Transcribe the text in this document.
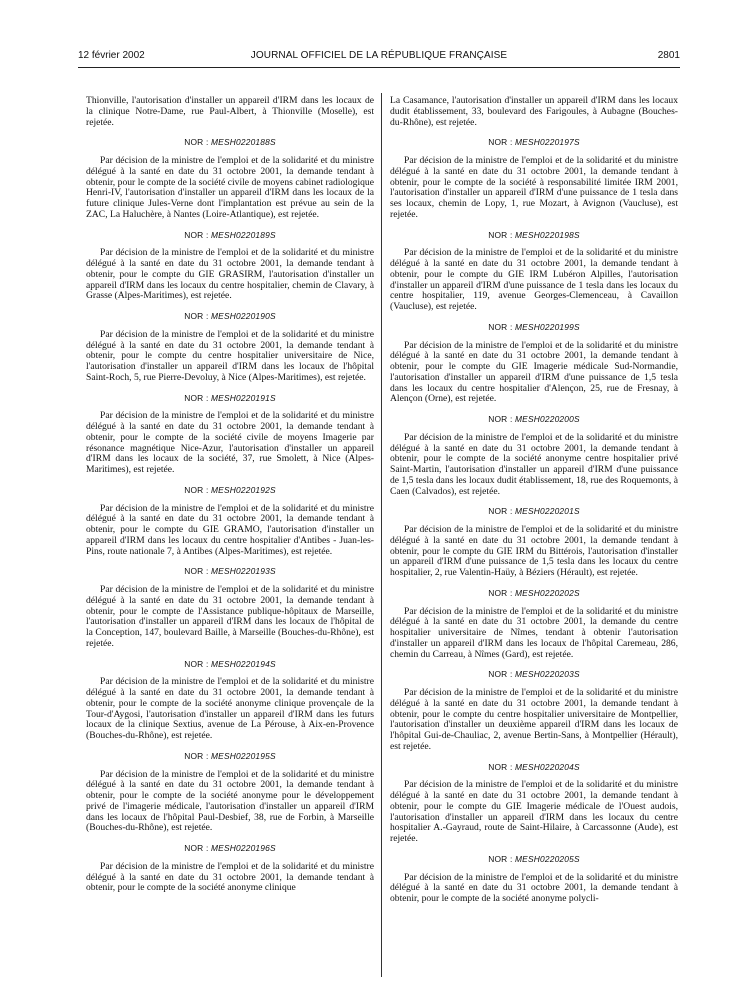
12 février 2002	JOURNAL OFFICIEL DE LA RÉPUBLIQUE FRANÇAISE	2801

Thionville, l'autorisation d'installer un appareil d'IRM dans les locaux de la clinique Notre-Dame, rue Paul-Albert, à Thionville (Moselle), est rejetée.

NOR : MESH0220188S

Par décision de la ministre de l'emploi et de la solidarité et du ministre délégué à la santé en date du 31 octobre 2001, la demande tendant à obtenir, pour le compte de la société civile de moyens cabinet radiologique Henri-IV, l'autorisation d'installer un appareil d'IRM dans les locaux de la future clinique Jules-Verne dont l'implantation est prévue au sein de la ZAC, La Haluchère, à Nantes (Loire-Atlantique), est rejetée.

NOR : MESH0220189S

Par décision de la ministre de l'emploi et de la solidarité et du ministre délégué à la santé en date du 31 octobre 2001, la demande tendant à obtenir, pour le compte du GIE GRASIRM, l'autorisation d'installer un appareil d'IRM dans les locaux du centre hospitalier, chemin de Clavary, à Grasse (Alpes-Maritimes), est rejetée.

NOR : MESH0220190S

Par décision de la ministre de l'emploi et de la solidarité et du ministre délégué à la santé en date du 31 octobre 2001, la demande tendant à obtenir, pour le compte du centre hospitalier universitaire de Nice, l'autorisation d'installer un appareil d'IRM dans les locaux de l'hôpital Saint-Roch, 5, rue Pierre-Devoluy, à Nice (Alpes-Maritimes), est rejetée.

NOR : MESH0220191S

Par décision de la ministre de l'emploi et de la solidarité et du ministre délégué à la santé en date du 31 octobre 2001, la demande tendant à obtenir, pour le compte de la société civile de moyens Imagerie par résonance magnétique Nice-Azur, l'autorisation d'installer un appareil d'IRM dans les locaux de la société, 37, rue Smolett, à Nice (Alpes-Maritimes), est rejetée.

NOR : MESH0220192S

Par décision de la ministre de l'emploi et de la solidarité et du ministre délégué à la santé en date du 31 octobre 2001, la demande tendant à obtenir, pour le compte du GIE GRAMO, l'autorisation d'installer un appareil d'IRM dans les locaux du centre hospitalier d'Antibes - Juan-les-Pins, route nationale 7, à Antibes (Alpes-Maritimes), est rejetée.

NOR : MESH0220193S

Par décision de la ministre de l'emploi et de la solidarité et du ministre délégué à la santé en date du 31 octobre 2001, la demande tendant à obtenir, pour le compte de l'Assistance publique-hôpitaux de Marseille, l'autorisation d'installer un appareil d'IRM dans les locaux de l'hôpital de la Conception, 147, boulevard Baille, à Marseille (Bouches-du-Rhône), est rejetée.

NOR : MESH0220194S

Par décision de la ministre de l'emploi et de la solidarité et du ministre délégué à la santé en date du 31 octobre 2001, la demande tendant à obtenir, pour le compte de la société anonyme clinique provençale de la Tour-d'Aygosi, l'autorisation d'installer un appareil d'IRM dans les futurs locaux de la clinique Sextius, avenue de La Pérouse, à Aix-en-Provence (Bouches-du-Rhône), est rejetée.

NOR : MESH0220195S

Par décision de la ministre de l'emploi et de la solidarité et du ministre délégué à la santé en date du 31 octobre 2001, la demande tendant à obtenir, pour le compte de la société anonyme pour le développement privé de l'imagerie médicale, l'autorisation d'installer un appareil d'IRM dans les locaux de l'hôpital Paul-Desbief, 38, rue de Forbin, à Marseille (Bouches-du-Rhône), est rejetée.

NOR : MESH0220196S

Par décision de la ministre de l'emploi et de la solidarité et du ministre délégué à la santé en date du 31 octobre 2001, la demande tendant à obtenir, pour le compte de la société anonyme clinique

La Casamance, l'autorisation d'installer un appareil d'IRM dans les locaux dudit établissement, 33, boulevard des Farigoules, à Aubagne (Bouches-du-Rhône), est rejetée.

NOR : MESH0220197S

Par décision de la ministre de l'emploi et de la solidarité et du ministre délégué à la santé en date du 31 octobre 2001, la demande tendant à obtenir, pour le compte de la société à responsabilité limitée IRM 2001, l'autorisation d'installer un appareil d'IRM d'une puissance de 1 tesla dans ses locaux, chemin de Lopy, 1, rue Mozart, à Avignon (Vaucluse), est rejetée.

NOR : MESH0220198S

Par décision de la ministre de l'emploi et de la solidarité et du ministre délégué à la santé en date du 31 octobre 2001, la demande tendant à obtenir, pour le compte du GIE IRM Lubéron Alpilles, l'autorisation d'installer un appareil d'IRM d'une puissance de 1 tesla dans les locaux du centre hospitalier, 119, avenue Georges-Clemenceau, à Cavaillon (Vaucluse), est rejetée.

NOR : MESH0220199S

Par décision de la ministre de l'emploi et de la solidarité et du ministre délégué à la santé en date du 31 octobre 2001, la demande tendant à obtenir, pour le compte du GIE Imagerie médicale Sud-Normandie, l'autorisation d'installer un appareil d'IRM d'une puissance de 1,5 tesla dans les locaux du centre hospitalier d'Alençon, 25, rue de Fresnay, à Alençon (Orne), est rejetée.

NOR : MESH0220200S

Par décision de la ministre de l'emploi et de la solidarité et du ministre délégué à la santé en date du 31 octobre 2001, la demande tendant à obtenir, pour le compte de la société anonyme centre hospitalier privé Saint-Martin, l'autorisation d'installer un appareil d'IRM d'une puissance de 1,5 tesla dans les locaux dudit établissement, 18, rue des Roquemonts, à Caen (Calvados), est rejetée.

NOR : MESH0220201S

Par décision de la ministre de l'emploi et de la solidarité et du ministre délégué à la santé en date du 31 octobre 2001, la demande tendant à obtenir, pour le compte du GIE IRM du Bittérois, l'autorisation d'installer un appareil d'IRM d'une puissance de 1,5 tesla dans les locaux du centre hospitalier, 2, rue Valentin-Haüy, à Béziers (Hérault), est rejetée.

NOR : MESH0220202S

Par décision de la ministre de l'emploi et de la solidarité et du ministre délégué à la santé en date du 31 octobre 2001, la demande du centre hospitalier universitaire de Nîmes, tendant à obtenir l'autorisation d'installer un appareil d'IRM dans les locaux de l'hôpital Caremeau, 286, chemin du Carreau, à Nîmes (Gard), est rejetée.

NOR : MESH0220203S

Par décision de la ministre de l'emploi et de la solidarité et du ministre délégué à la santé en date du 31 octobre 2001, la demande tendant à obtenir, pour le compte du centre hospitalier universitaire de Montpellier, l'autorisation d'installer un deuxième appareil d'IRM dans les locaux de l'hôpital Gui-de-Chauliac, 2, avenue Bertin-Sans, à Montpellier (Hérault), est rejetée.

NOR : MESH0220204S

Par décision de la ministre de l'emploi et de la solidarité et du ministre délégué à la santé en date du 31 octobre 2001, la demande tendant à obtenir, pour le compte du GIE Imagerie médicale de l'Ouest audois, l'autorisation d'installer un appareil d'IRM dans les locaux du centre hospitalier A.-Gayraud, route de Saint-Hilaire, à Carcassonne (Aude), est rejetée.

NOR : MESH0220205S

Par décision de la ministre de l'emploi et de la solidarité et du ministre délégué à la santé en date du 31 octobre 2001, la demande tendant à obtenir, pour le compte de la société anonyme polycli-
